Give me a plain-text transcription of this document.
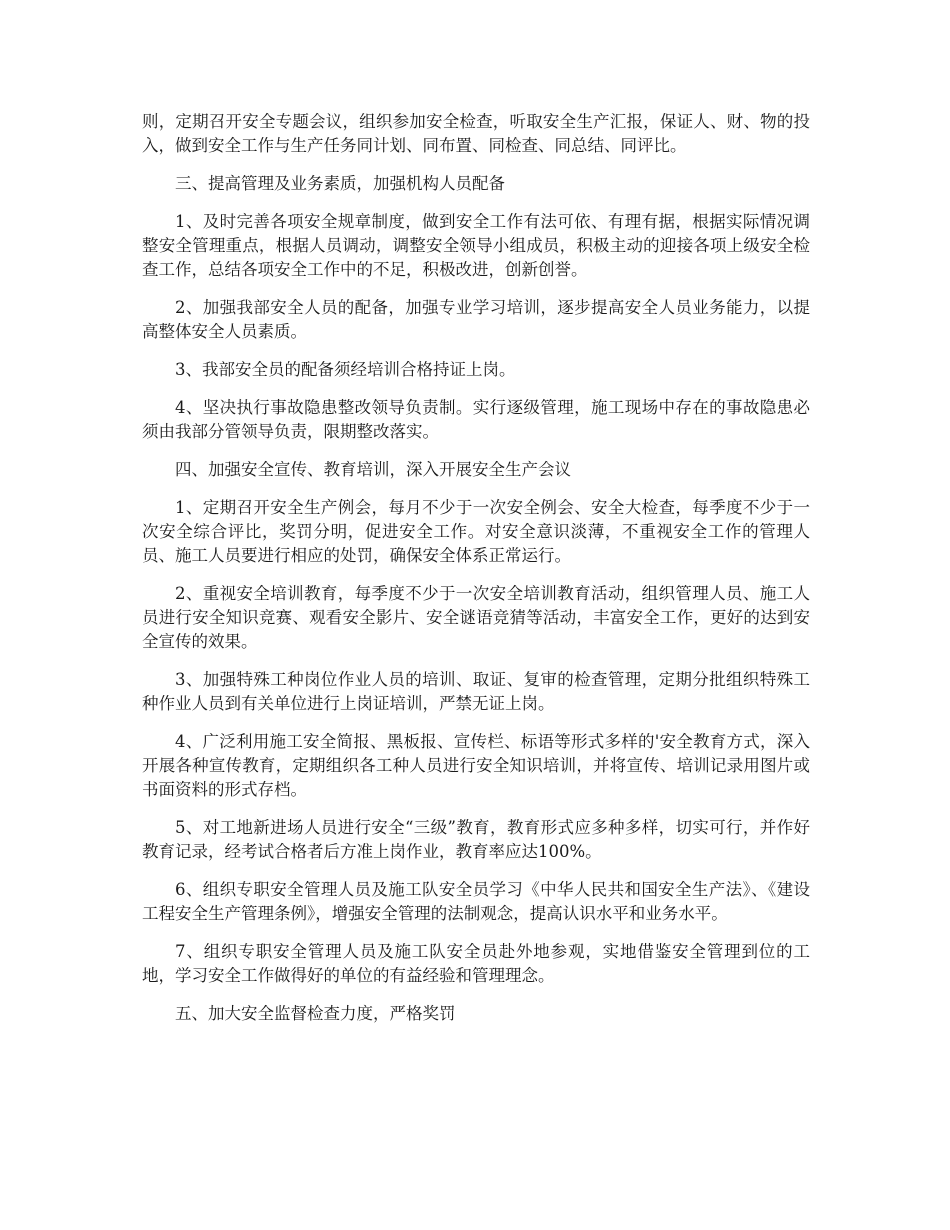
则，定期召开安全专题会议，组织参加安全检查，听取安全生产汇报，保证人、财、物的投入，做到安全工作与生产任务同计划、同布置、同检查、同总结、同评比。

三、提高管理及业务素质，加强机构人员配备

1、及时完善各项安全规章制度，做到安全工作有法可依、有理有据，根据实际情况调整安全管理重点，根据人员调动，调整安全领导小组成员，积极主动的迎接各项上级安全检查工作，总结各项安全工作中的不足，积极改进，创新创誉。

2、加强我部安全人员的配备，加强专业学习培训，逐步提高安全人员业务能力，以提高整体安全人员素质。

3、我部安全员的配备须经培训合格持证上岗。

4、坚决执行事故隐患整改领导负责制。实行逐级管理，施工现场中存在的事故隐患必须由我部分管领导负责，限期整改落实。

四、加强安全宣传、教育培训，深入开展安全生产会议

1、定期召开安全生产例会，每月不少于一次安全例会、安全大检查，每季度不少于一次安全综合评比，奖罚分明，促进安全工作。对安全意识淡薄，不重视安全工作的管理人员、施工人员要进行相应的处罚，确保安全体系正常运行。

2、重视安全培训教育，每季度不少于一次安全培训教育活动，组织管理人员、施工人员进行安全知识竞赛、观看安全影片、安全谜语竞猜等活动，丰富安全工作，更好的达到安全宣传的效果。

3、加强特殊工种岗位作业人员的培训、取证、复审的检查管理，定期分批组织特殊工种作业人员到有关单位进行上岗证培训，严禁无证上岗。

4、广泛利用施工安全简报、黑板报、宣传栏、标语等形式多样的'安全教育方式，深入开展各种宣传教育，定期组织各工种人员进行安全知识培训，并将宣传、培训记录用图片或书面资料的形式存档。

5、对工地新进场人员进行安全“三级”教育，教育形式应多种多样，切实可行，并作好教育记录，经考试合格者后方准上岗作业，教育率应达100%。

6、组织专职安全管理人员及施工队安全员学习《中华人民共和国安全生产法》、《建设工程安全生产管理条例》，增强安全管理的法制观念，提高认识水平和业务水平。

7、组织专职安全管理人员及施工队安全员赴外地参观，实地借鉴安全管理到位的工地，学习安全工作做得好的单位的有益经验和管理理念。

五、加大安全监督检查力度，严格奖罚
